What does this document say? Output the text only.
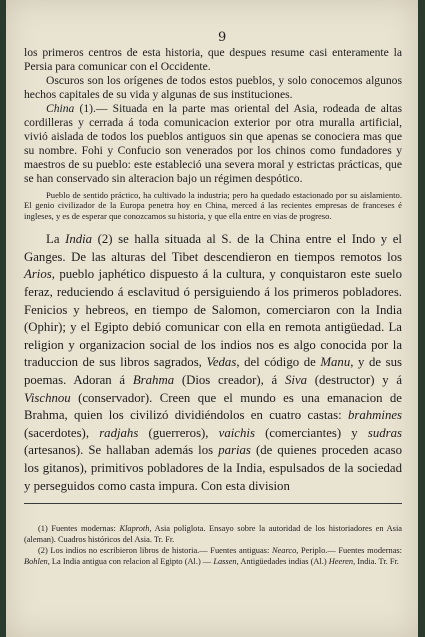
9

los primeros centros de esta historia, que despues resume casi enteramente la Persia para comunicar con el Occidente.

Oscuros son los orígenes de todos estos pueblos, y solo conocemos algunos hechos capitales de su vida y algunas de sus instituciones.

China (1).— Situada en la parte mas oriental del Asia, rodeada de altas cordilleras y cerrada á toda comunicacion exterior por otra muralla artificial, vivió aislada de todos los pueblos antiguos sin que apenas se conociera mas que su nombre. Fohi y Confucio son venerados por los chinos como fundadores y maestros de su pueblo: este estableció una severa moral y estrictas prácticas, que se han conservado sin alteracion bajo un régimen despótico.

Pueblo de sentido práctico, ha cultivado la industria; pero ha quedado estacionado por su aislamiento. El genio civilizador de la Europa penetra hoy en China, merced á las recientes empresas de franceses é ingleses, y es de esperar que conozcamos su historia, y que ella entre en vias de progreso.

La India (2) se halla situada al S. de la China entre el Indo y el Ganges. De las alturas del Tibet descendieron en tiempos remotos los Arios, pueblo japhético dispuesto á la cultura, y conquistaron este suelo feraz, reduciendo á esclavitud ó persiguiendo á los primeros pobladores. Fenicios y hebreos, en tiempo de Salomon, comerciaron con la India (Ophir); y el Egipto debió comunicar con ella en remota antigüedad. La religion y organizacion social de los indios nos es algo conocida por la traduccion de sus libros sagrados, Vedas, del código de Manu, y de sus poemas. Adoran á Brahma (Dios creador), á Siva (destructor) y á Vischnou (conservador). Creen que el mundo es una emanacion de Brahma, quien los civilizó dividiéndolos en cuatro castas: brahmines (sacerdotes), radjahs (guerreros), vaichis (comerciantes) y sudras (artesanos). Se hallaban además los parias (de quienes proceden acaso los gitanos), primitivos pobladores de la India, espulsados de la sociedad y perseguidos como casta impura. Con esta division

(1) Fuentes modernas: Klaproth, Asia políglota. Ensayo sobre la autoridad de los historiadores en Asia (aleman). Cuadros históricos del Asia. Tr. Fr.

(2) Los indios no escribieron libros de historia.— Fuentes antiguas: Nearco, Periplo.— Fuentes modernas: Bohlen, La India antigua con relacion al Egipto (Al.) — Lassen, Antigüedades indias (Al.) Heeren, India. Tr. Fr.
